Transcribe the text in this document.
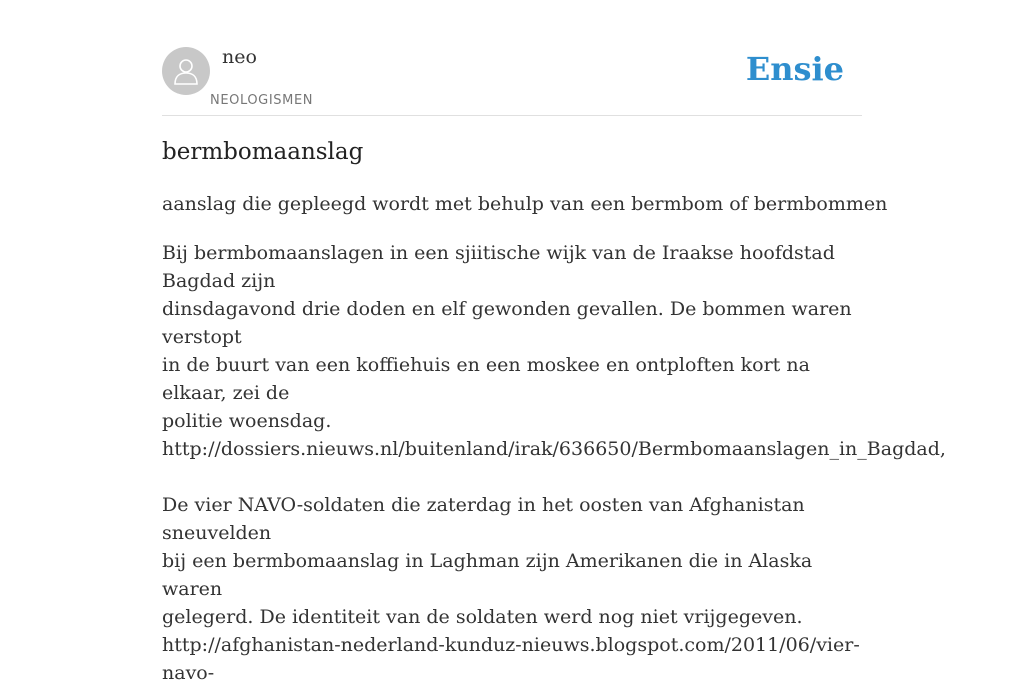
neo
NEOLOGISMEN
Ensie
bermbomaanslag
aanslag die gepleegd wordt met behulp van een bermbom of bermbommen

Bij bermbomaanslagen in een sjiitische wijk van de Iraakse hoofdstad Bagdad zijn

dinsdagavond drie doden en elf gewonden gevallen. De bommen waren verstopt

in de buurt van een koffiehuis en een moskee en ontploften kort na elkaar, zei de

politie woensdag.

http://dossiers.nieuws.nl/buitenland/irak/636650/Bermbomaanslagen_in_Bagdad,

De vier NAVO-soldaten die zaterdag in het oosten van Afghanistan sneuvelden

bij een bermbomaanslag in Laghman zijn Amerikanen die in Alaska waren

gelegerd. De identiteit van de soldaten werd nog niet vrijgegeven.

http://afghanistan-nederland-kunduz-nieuws.blogspot.com/2011/06/vier-navo-
